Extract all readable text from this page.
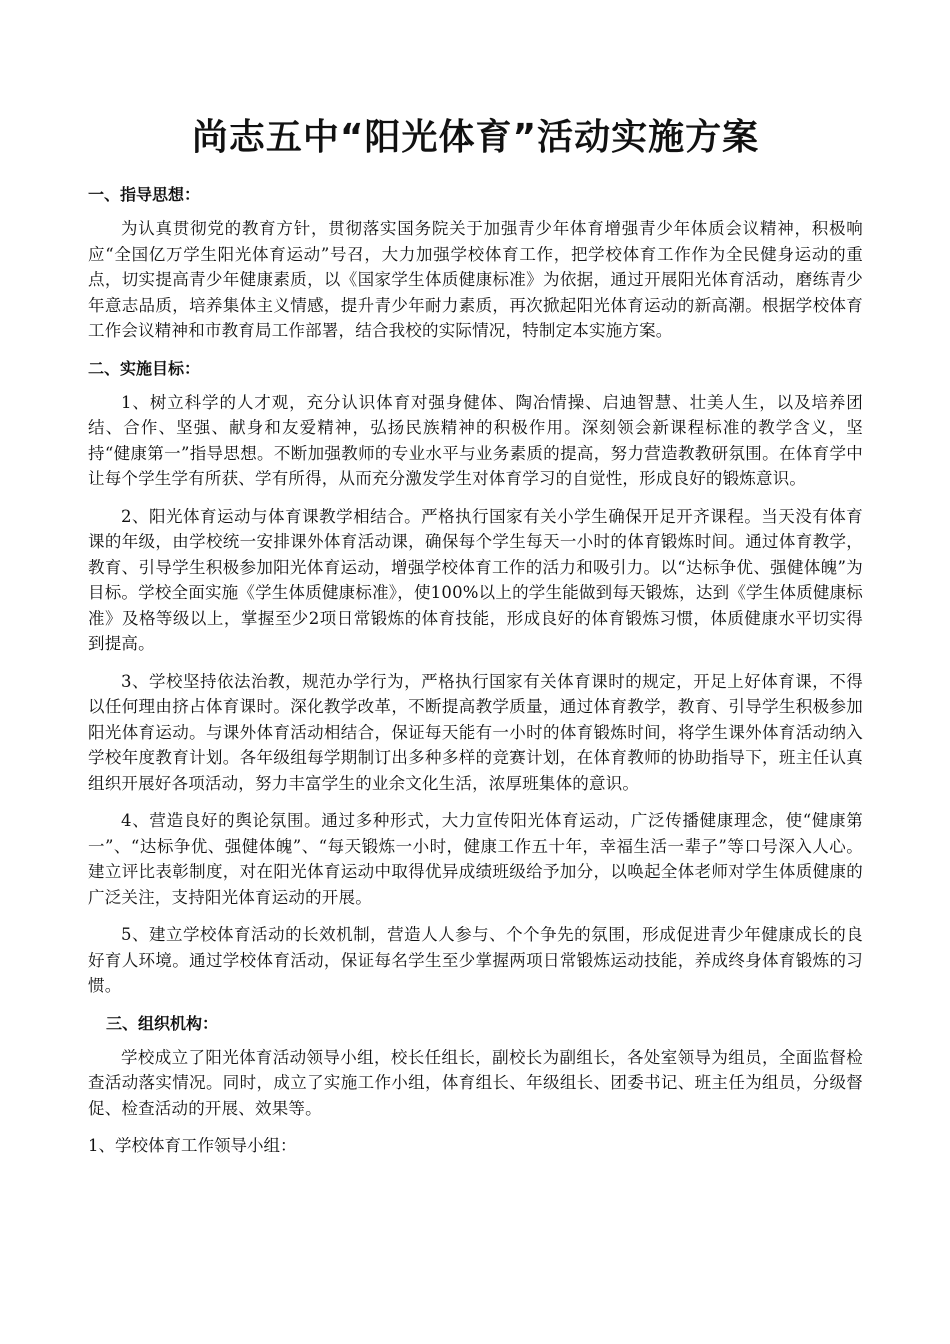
尚志五中“阳光体育”活动实施方案
一、指导思想：

为认真贯彻党的教育方针，贯彻落实国务院关于加强青少年体育增强青少年体质会议精神，积极响应“全国亿万学生阳光体育运动”号召，大力加强学校体育工作，把学校体育工作作为全民健身运动的重点，切实提高青少年健康素质，以《国家学生体质健康标准》为依据，通过开展阳光体育活动，磨练青少年意志品质，培养集体主义情感，提升青少年耐力素质，再次掀起阳光体育运动的新高潮。根据学校体育工作会议精神和市教育局工作部署，结合我校的实际情况，特制定本实施方案。

二、实施目标：

1、树立科学的人才观，充分认识体育对强身健体、陶冶情操、启迪智慧、壮美人生，以及培养团结、合作、坚强、献身和友爱精神，弘扬民族精神的积极作用。深刻领会新课程标准的教学含义，坚持“健康第一”指导思想。不断加强教师的专业水平与业务素质的提高，努力营造教教研氛围。在体育学中让每个学生学有所获、学有所得，从而充分激发学生对体育学习的自觉性，形成良好的锻炼意识。

2、阳光体育运动与体育课教学相结合。严格执行国家有关小学生确保开足开齐课程。当天没有体育课的年级，由学校统一安排课外体育活动课，确保每个学生每天一小时的体育锻炼时间。通过体育教学，教育、引导学生积极参加阳光体育运动，增强学校体育工作的活力和吸引力。以“达标争优、强健体魄”为目标。学校全面实施《学生体质健康标准》，使100%以上的学生能做到每天锻炼，达到《学生体质健康标准》及格等级以上，掌握至少2项日常锻炼的体育技能，形成良好的体育锻炼习惯，体质健康水平切实得到提高。

3、学校坚持依法治教，规范办学行为，严格执行国家有关体育课时的规定，开足上好体育课，不得以任何理由挤占体育课时。深化教学改革，不断提高教学质量，通过体育教学，教育、引导学生积极参加阳光体育运动。与课外体育活动相结合，保证每天能有一小时的体育锻炼时间，将学生课外体育活动纳入学校年度教育计划。各年级组每学期制订出多种多样的竞赛计划，在体育教师的协助指导下，班主任认真组织开展好各项活动，努力丰富学生的业余文化生活，浓厚班集体的意识。

4、营造良好的舆论氛围。通过多种形式，大力宣传阳光体育运动，广泛传播健康理念，使“健康第一”、“达标争优、强健体魄”、“每天锻炼一小时，健康工作五十年，幸福生活一辈子”等口号深入人心。建立评比表彰制度，对在阳光体育运动中取得优异成绩班级给予加分，以唤起全体老师对学生体质健康的广泛关注，支持阳光体育运动的开展。

5、建立学校体育活动的长效机制，营造人人参与、个个争先的氛围，形成促进青少年健康成长的良好育人环境。通过学校体育活动，保证每名学生至少掌握两项日常锻炼运动技能，养成终身体育锻炼的习惯。

三、组织机构：

学校成立了阳光体育活动领导小组，校长任组长，副校长为副组长，各处室领导为组员，全面监督检查活动落实情况。同时，成立了实施工作小组，体育组长、年级组长、团委书记、班主任为组员，分级督促、检查活动的开展、效果等。

1、学校体育工作领导小组：
